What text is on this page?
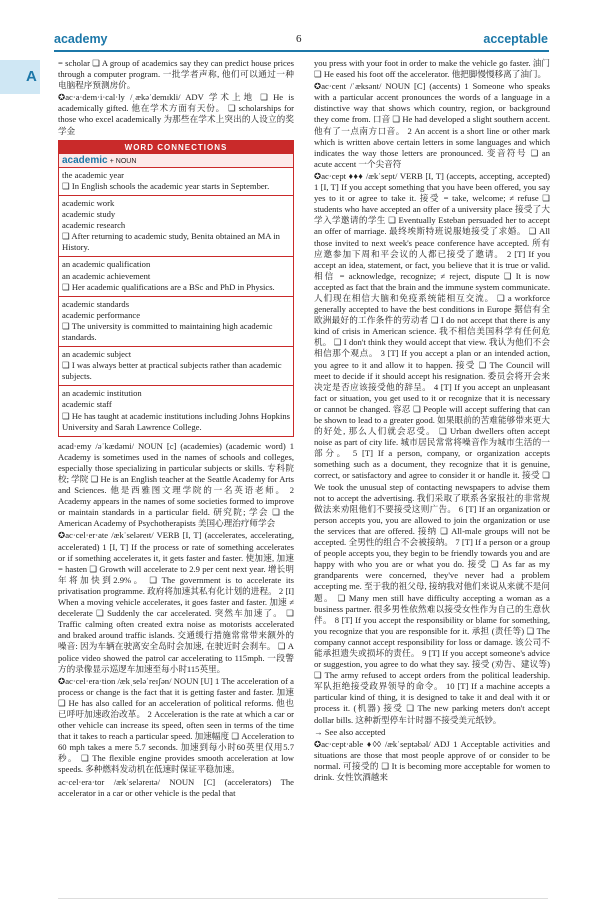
academy	6	acceptable
A

= scholar ❑ A group of academics say they can predict house prices through a computer program. 一批学者声称, 他们可以通过一种电脑程序预测房价。

✪ac·a·dem·i·cal·ly /ˌækəˈdemɪkli/ ADV 学术上地 ❑ He is academically gifted. 他在学术方面有天份。 ❑ scholarships for those who excel academically 为那些在学术上突出的人设立的奖学金

WORD CONNECTIONS
academic + NOUN
the academic year
❑ In English schools the academic year starts in September.
academic work
academic study
academic research
❑ After returning to academic study, Benita obtained an MA in History.
an academic qualification
an academic achievement
❑ Her academic qualifications are a BSc and PhD in Physics.
academic standards
academic performance
❑ The university is committed to maintaining high academic standards.
an academic subject
❑ I was always better at practical subjects rather than academic subjects.
an academic institution
academic staff
❑ He has taught at academic institutions including Johns Hopkins University and Sarah Lawrence College.

acad·emy /əˈkædəmi/ NOUN [c] (academies) (academic word) 1 Academy is sometimes used in the names of schools and colleges, especially those specializing in particular subjects or skills. 专科院校; 学院 ❑ He is an English teacher at the Seattle Academy for Arts and Sciences. 他是西雅图文理学院的一名英语老师。 2 Academy appears in the names of some societies formed to improve or maintain standards in a particular field. 研究院; 学会 ❑ the American Academy of Psychotherapists 美国心理治疗师学会

✪ac·cel·er·ate /ækˈseləreɪt/ VERB [I, T] (accelerates, accelerating, accelerated) 1 [I, T] If the process or rate of something accelerates or if something accelerates it, it gets faster and faster. 使加速, 加速 = hasten ❑ Growth will accelerate to 2.9 per cent next year. 增长明年将加快到2.9%。 ❑ The government is to accelerate its privatisation programme. 政府将加速其私有化计划的进程。 2 [I] When a moving vehicle accelerates, it goes faster and faster. 加速 ≠ decelerate ❑ Suddenly the car accelerated. 突然车加速了。 ❑ Traffic calming often created extra noise as motorists accelerated and braked around traffic islands. 交通缓行措施常常带来额外的噪音: 因为车辆在驶离安全岛时会加速, 在驶近时会刹车。 ❑ A police video showed the patrol car accelerating to 115mph. 一段警方的录像显示巡逻车加速至每小时115英里。

✪ac·cel·era·tion /ækˌseləˈreɪʃən/ NOUN [U] 1 The acceleration of a process or change is the fact that it is getting faster and faster. 加速 ❑ He has also called for an acceleration of political reforms. 他也已呼吁加速政治改革。 2 Acceleration is the rate at which a car or other vehicle can increase its speed, often seen in terms of the time that it takes to reach a particular speed. 加速幅度 ❑ Acceleration to 60 mph takes a mere 5.7 seconds. 加速到每小时60英里仅用5.7秒。 ❑ The flexible engine provides smooth acceleration at low speeds. 多种燃料发动机在低速时保证平稳加速。

ac·cel·era·tor /ækˈseləreɪtə/ NOUN [C] (accelerators) The accelerator in a car or other vehicle is the pedal that

you press with your foot in order to make the vehicle go faster. 油门 ❑ He eased his foot off the accelerator. 他把脚慢慢移离了油门。

✪ac·cent /ˈæksənt/ NOUN [C] (accents) 1 Someone who speaks with a particular accent pronounces the words of a language in a distinctive way that shows which country, region, or background they come from. 口音 ❑ He had developed a slight southern accent. 他有了一点南方口音。 2 An accent is a short line or other mark which is written above certain letters in some languages and which indicates the way those letters are pronounced. 变音符号 ❑ an acute accent 一个尖音符

✪ac·cept ♦♦♦ /ækˈsept/ VERB [I, T] (accepts, accepting, accepted) 1 [I, T] If you accept something that you have been offered, you say yes to it or agree to take it. 接受 = take, welcome; ≠ refuse ❑ students who have accepted an offer of a university place 接受了大学入学邀请的学生 ❑ Eventually Esteban persuaded her to accept an offer of marriage. 最终埃斯特班说服她接受了求婚。 ❑ All those invited to next week's peace conference have accepted. 所有应邀参加下周和平会议的人都已接受了邀请。 2 [T] If you accept an idea, statement, or fact, you believe that it is true or valid. 相信 = acknowledge, recognize; ≠ reject, dispute ❑ It is now accepted as fact that the brain and the immune system communicate. 人们现在相信大脑和免疫系统能相互交流。 ❑ a workforce generally accepted to have the best conditions in Europe 据信有全欧洲最好的工作条件的劳动者 ❑ I do not accept that there is any kind of crisis in American science. 我不相信美国科学有任何危机。 ❑ I don't think they would accept that view. 我认为他们不会相信那个观点。 3 [T] If you accept a plan or an intended action, you agree to it and allow it to happen. 接受 ❑ The Council will meet to decide if it should accept his resignation. 委员会将开会来决定是否应该接受他的辞呈。 4 [T] If you accept an unpleasant fact or situation, you get used to it or recognize that it is necessary or cannot be changed. 容忍 ❑ People will accept suffering that can be shown to lead to a greater good. 如果眼前的苦难能够带来更大的好处, 那么人们就会忍受。 ❑ Urban dwellers often accept noise as part of city life. 城市居民常常将噪音作为城市生活的一部分。 5 [T] If a person, company, or organization accepts something such as a document, they recognize that it is genuine, correct, or satisfactory and agree to consider it or handle it. 接受 ❑ We took the unusual step of contacting newspapers to advise them not to accept the advertising. 我们采取了联系各家报社的非常规做法来劝阻他们不要接受这则广告。 6 [T] If an organization or person accepts you, you are allowed to join the organization or use the services that are offered. 接纳 ❑ All-male groups will not be accepted. 全男性的组合不会被接纳。 7 [T] If a person or a group of people accepts you, they begin to be friendly towards you and are happy with who you are or what you do. 接受 ❑ As far as my grandparents were concerned, they've never had a problem accepting me. 至于我的祖父母, 接纳我对他们来说从来就不是问题。 ❑ Many men still have difficulty accepting a woman as a business partner. 很多男性依然难以接受女性作为自己的生意伙伴。 8 [T] If you accept the responsibility or blame for something, you recognize that you are responsible for it. 承担 (责任等) ❑ The company cannot accept responsibility for loss or damage. 该公司不能承担遗失或损坏的责任。 9 [T] If you accept someone's advice or suggestion, you agree to do what they say. 接受 (劝告、建议等) ❑ The army refused to accept orders from the political leadership. 军队拒绝接受政界领导的命令。 10 [T] If a machine accepts a particular kind of thing, it is designed to take it and deal with it or process it. (机器) 接受 ❑ The new parking meters don't accept dollar bills. 这种新型停车计时器不接受美元纸钞。

→ See also accepted

✪ac·cept·able ♦◊◊ /ækˈseptəbəl/ ADJ 1 Acceptable activities and situations are those that most people approve of or consider to be normal. 可接受的 ❑ It is becoming more acceptable for women to drink. 女性饮酒越来
